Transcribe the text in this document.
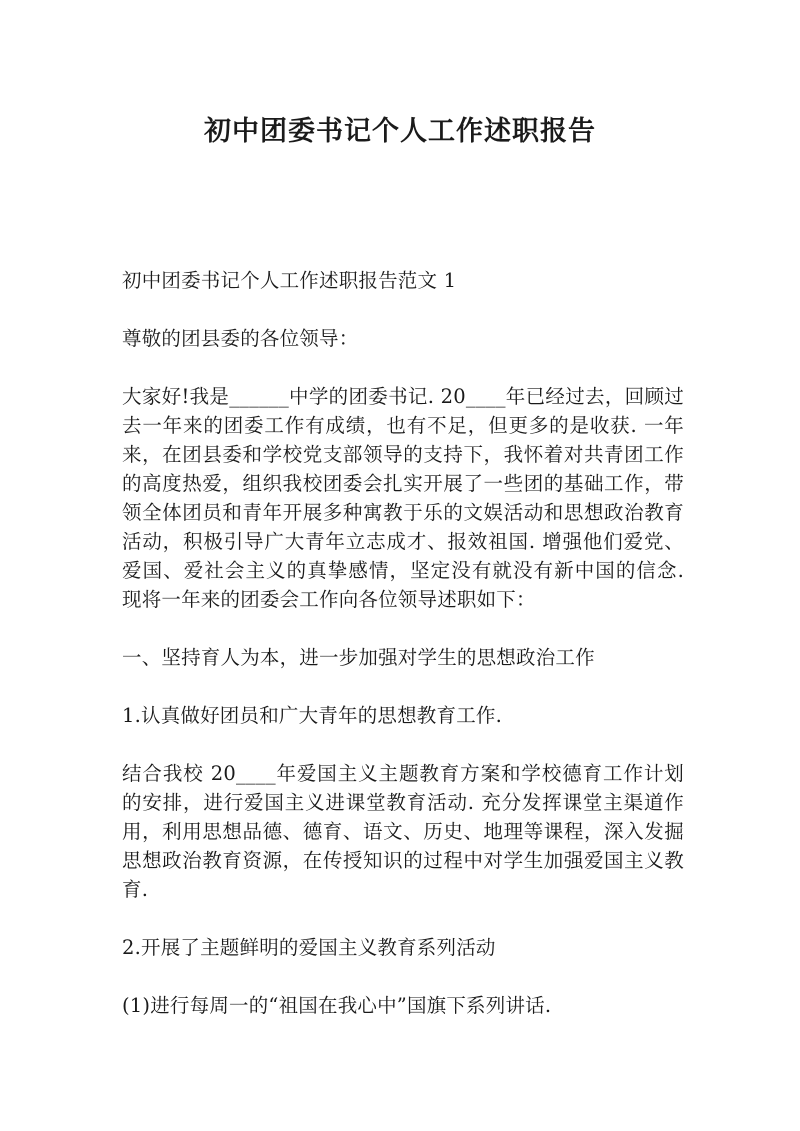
初中团委书记个人工作述职报告

初中团委书记个人工作述职报告范文 1

尊敬的团县委的各位领导：

大家好!我是______中学的团委书记. 20____年已经过去，回顾过去一年来的团委工作有成绩，也有不足，但更多的是收获. 一年来，在团县委和学校党支部领导的支持下，我怀着对共青团工作的高度热爱，组织我校团委会扎实开展了一些团的基础工作，带领全体团员和青年开展多种寓教于乐的文娱活动和思想政治教育活动，积极引导广大青年立志成才、报效祖国. 增强他们爱党、爱国、爱社会主义的真挚感情，坚定没有就没有新中国的信念. 现将一年来的团委会工作向各位领导述职如下：

一、坚持育人为本，进一步加强对学生的思想政治工作

1.认真做好团员和广大青年的思想教育工作.

结合我校 20____年爱国主义主题教育方案和学校德育工作计划的安排，进行爱国主义进课堂教育活动. 充分发挥课堂主渠道作用，利用思想品德、德育、语文、历史、地理等课程，深入发掘思想政治教育资源，在传授知识的过程中对学生加强爱国主义教育.

2.开展了主题鲜明的爱国主义教育系列活动

(1)进行每周一的“祖国在我心中”国旗下系列讲话.
